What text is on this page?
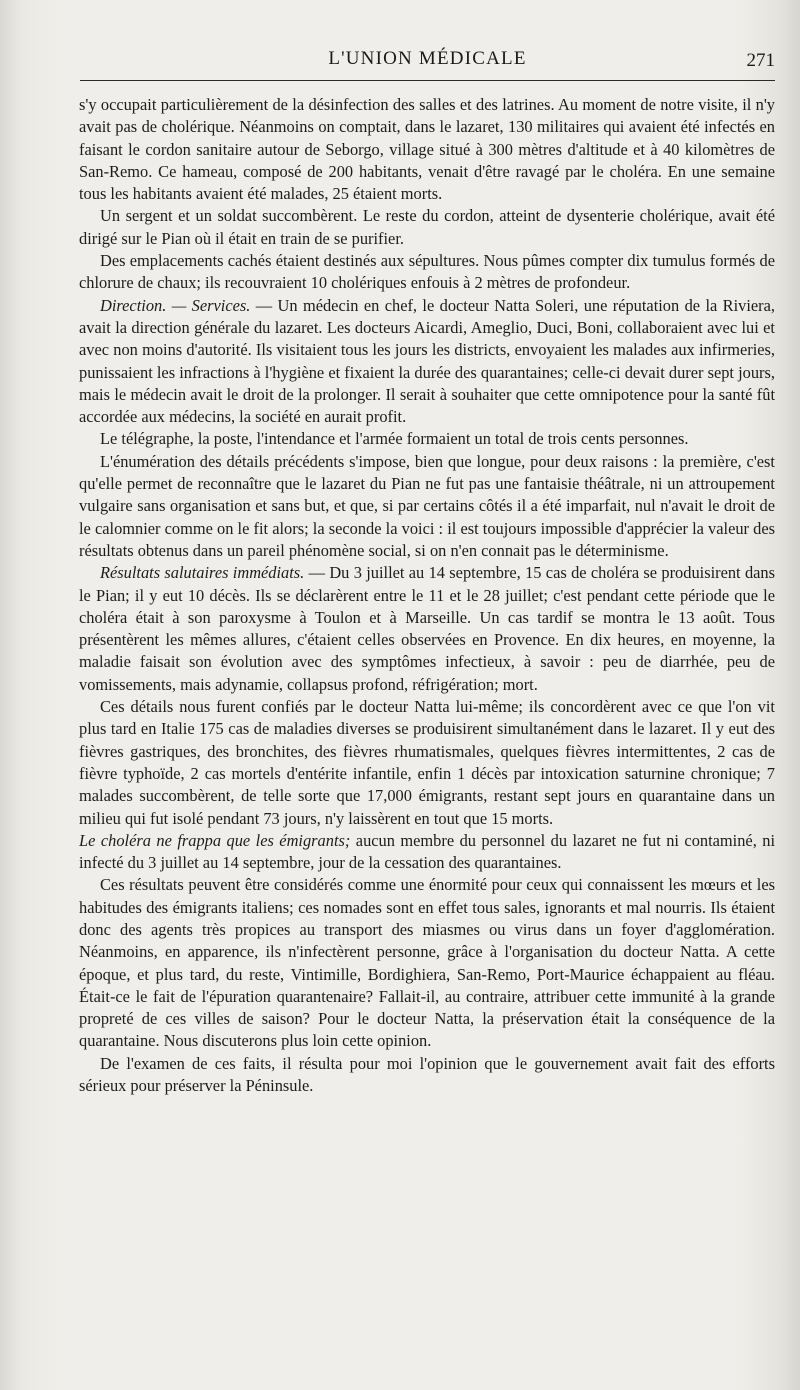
L'UNION MÉDICALE	271

s'y occupait particulièrement de la désinfection des salles et des latrines. Au moment de notre visite, il n'y avait pas de cholérique. Néanmoins on comptait, dans le lazaret, 130 militaires qui avaient été infectés en faisant le cordon sanitaire autour de Seborgo, village situé à 300 mètres d'altitude et à 40 kilomètres de San-Remo. Ce hameau, composé de 200 habitants, venait d'être ravagé par le choléra. En une semaine tous les habitants avaient été malades, 25 étaient morts.

Un sergent et un soldat succombèrent. Le reste du cordon, atteint de dysenterie cholérique, avait été dirigé sur le Pian où il était en train de se purifier.

Des emplacements cachés étaient destinés aux sépultures. Nous pûmes compter dix tumulus formés de chlorure de chaux; ils recouvraient 10 cholériques enfouis à 2 mètres de profondeur.

Direction. — Services. — Un médecin en chef, le docteur Natta Soleri, une réputation de la Riviera, avait la direction générale du lazaret. Les docteurs Aicardi, Ameglio, Duci, Boni, collaboraient avec lui et avec non moins d'autorité. Ils visitaient tous les jours les districts, envoyaient les malades aux infirmeries, punissaient les infractions à l'hygiène et fixaient la durée des quarantaines; celle-ci devait durer sept jours, mais le médecin avait le droit de la prolonger. Il serait à souhaiter que cette omnipotence pour la santé fût accordée aux médecins, la société en aurait profit.

Le télégraphe, la poste, l'intendance et l'armée formaient un total de trois cents personnes.

L'énumération des détails précédents s'impose, bien que longue, pour deux raisons : la première, c'est qu'elle permet de reconnaître que le lazaret du Pian ne fut pas une fantaisie théâtrale, ni un attroupement vulgaire sans organisation et sans but, et que, si par certains côtés il a été imparfait, nul n'avait le droit de le calomnier comme on le fit alors; la seconde la voici : il est toujours impossible d'apprécier la valeur des résultats obtenus dans un pareil phénomène social, si on n'en connait pas le déterminisme.

Résultats salutaires immédiats. — Du 3 juillet au 14 septembre, 15 cas de choléra se produisirent dans le Pian; il y eut 10 décès. Ils se déclarèrent entre le 11 et le 28 juillet; c'est pendant cette période que le choléra était à son paroxysme à Toulon et à Marseille. Un cas tardif se montra le 13 août. Tous présentèrent les mêmes allures, c'étaient celles observées en Provence. En dix heures, en moyenne, la maladie faisait son évolution avec des symptômes infectieux, à savoir : peu de diarrhée, peu de vomissements, mais adynamie, collapsus profond, réfrigération; mort.

Ces détails nous furent confiés par le docteur Natta lui-même; ils concordèrent avec ce que l'on vit plus tard en Italie 175 cas de maladies diverses se produisirent simultanément dans le lazaret. Il y eut des fièvres gastriques, des bronchites, des fièvres rhumatismales, quelques fièvres intermittentes, 2 cas de fièvre typhoïde, 2 cas mortels d'entérite infantile, enfin 1 décès par intoxication saturnine chronique; 7 malades succombèrent, de telle sorte que 17,000 émigrants, restant sept jours en quarantaine dans un milieu qui fut isolé pendant 73 jours, n'y laissèrent en tout que 15 morts.

Le choléra ne frappa que les émigrants; aucun membre du personnel du lazaret ne fut ni contaminé, ni infecté du 3 juillet au 14 septembre, jour de la cessation des quarantaines.

Ces résultats peuvent être considérés comme une énormité pour ceux qui connaissent les mœurs et les habitudes des émigrants italiens; ces nomades sont en effet tous sales, ignorants et mal nourris. Ils étaient donc des agents très propices au transport des miasmes ou virus dans un foyer d'agglomération. Néanmoins, en apparence, ils n'infectèrent personne, grâce à l'organisation du docteur Natta. A cette époque, et plus tard, du reste, Vintimille, Bordighiera, San-Remo, Port-Maurice échappaient au fléau. Était-ce le fait de l'épuration quarantenaire? Fallait-il, au contraire, attribuer cette immunité à la grande propreté de ces villes de saison? Pour le docteur Natta, la préservation était la conséquence de la quarantaine. Nous discuterons plus loin cette opinion.

De l'examen de ces faits, il résulta pour moi l'opinion que le gouvernement avait fait des efforts sérieux pour préserver la Péninsule.
